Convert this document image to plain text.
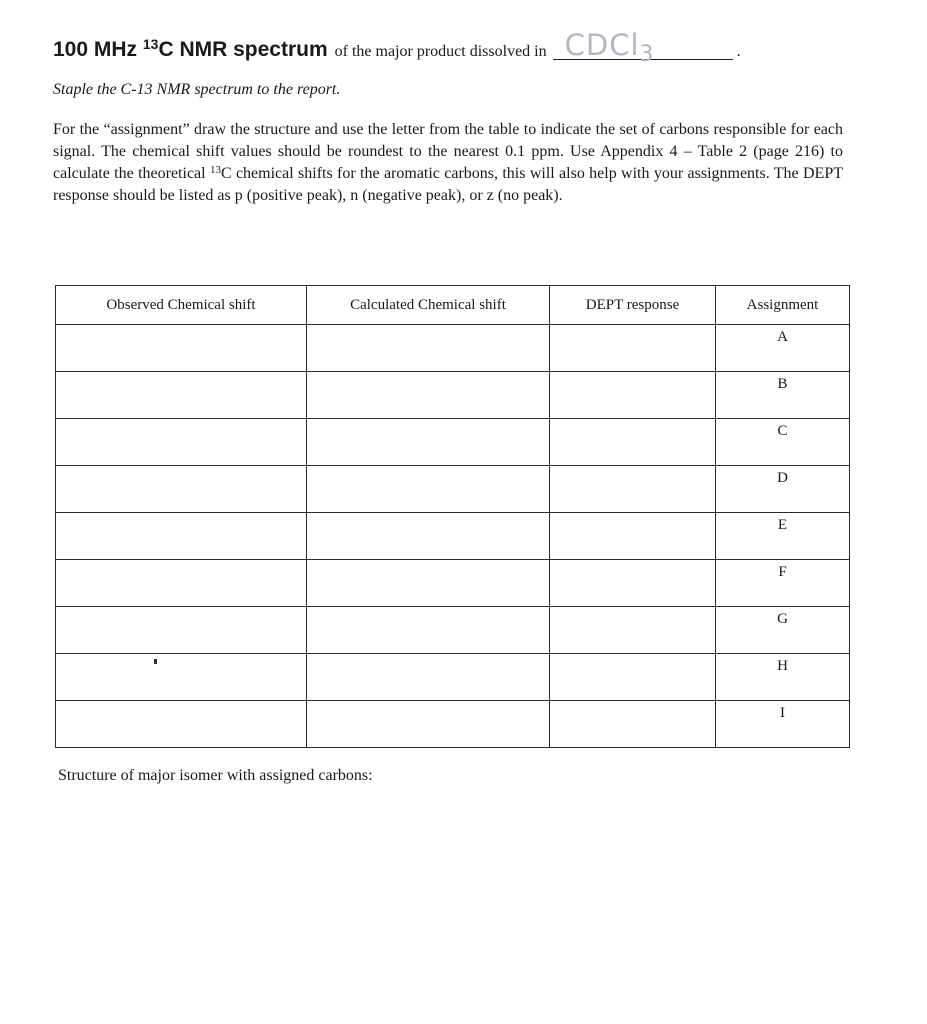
100 MHz $^{13}$C NMR spectrum of the major product dissolved in CDCl$_3$	.
Staple the C-13 NMR spectrum to the report.
For the “assignment” draw the structure and use the letter from the table to indicate the set of carbons responsible for each signal. The chemical shift values should be roundest to the nearest 0.1 ppm. Use Appendix 4 – Table 2 (page 216) to calculate the theoretical $^{13}$C chemical shifts for the aromatic carbons, this will also help with your assignments. The DEPT response should be listed as p (positive peak), n (negative peak), or z (no peak).
Observed Chemical shift	Calculated Chemical shift	DEPT response	Assignment
			A
			B
			C
			D
			E
			F
			G
			H
			I
Structure of major isomer with assigned carbons:
